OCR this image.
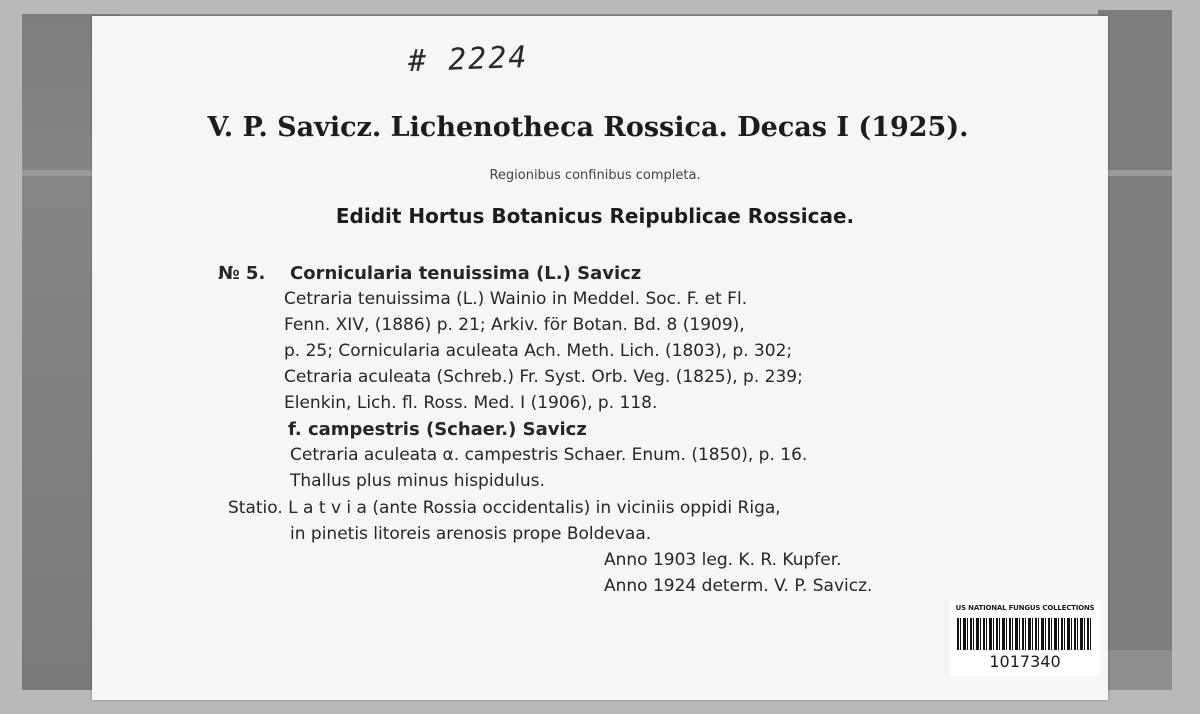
# 2224
V. P. Savicz. Lichenotheca Rossica. Decas I (1925).
Regionibus confinibus completa.
Edidit Hortus Botanicus Reipublicae Rossicae.
№ 5. Cornicularia tenuissima (L.) Savicz
Cetraria tenuissima (L.) Wainio in Meddel. Soc. F. et Fl.
Fenn. XIV, (1886) p. 21; Arkiv. för Botan. Bd. 8 (1909),
p. 25; Cornicularia aculeata Ach. Meth. Lich. (1803), p. 302;
Cetraria aculeata (Schreb.) Fr. Syst. Orb. Veg. (1825), p. 239;
Elenkin, Lich. fl. Ross. Med. I (1906), p. 118.
f. campestris (Schaer.) Savicz
Cetraria aculeata α. campestris Schaer. Enum. (1850), p. 16.
Thallus plus minus hispidulus.
Statio. L a t v i a (ante Rossia occidentalis) in viciniis oppidi Riga,
in pinetis litoreis arenosis prope Boldevaa.
Anno 1903 leg. K. R. Kupfer.
Anno 1924 determ. V. P. Savicz.
US NATIONAL FUNGUS COLLECTIONS
1017340
